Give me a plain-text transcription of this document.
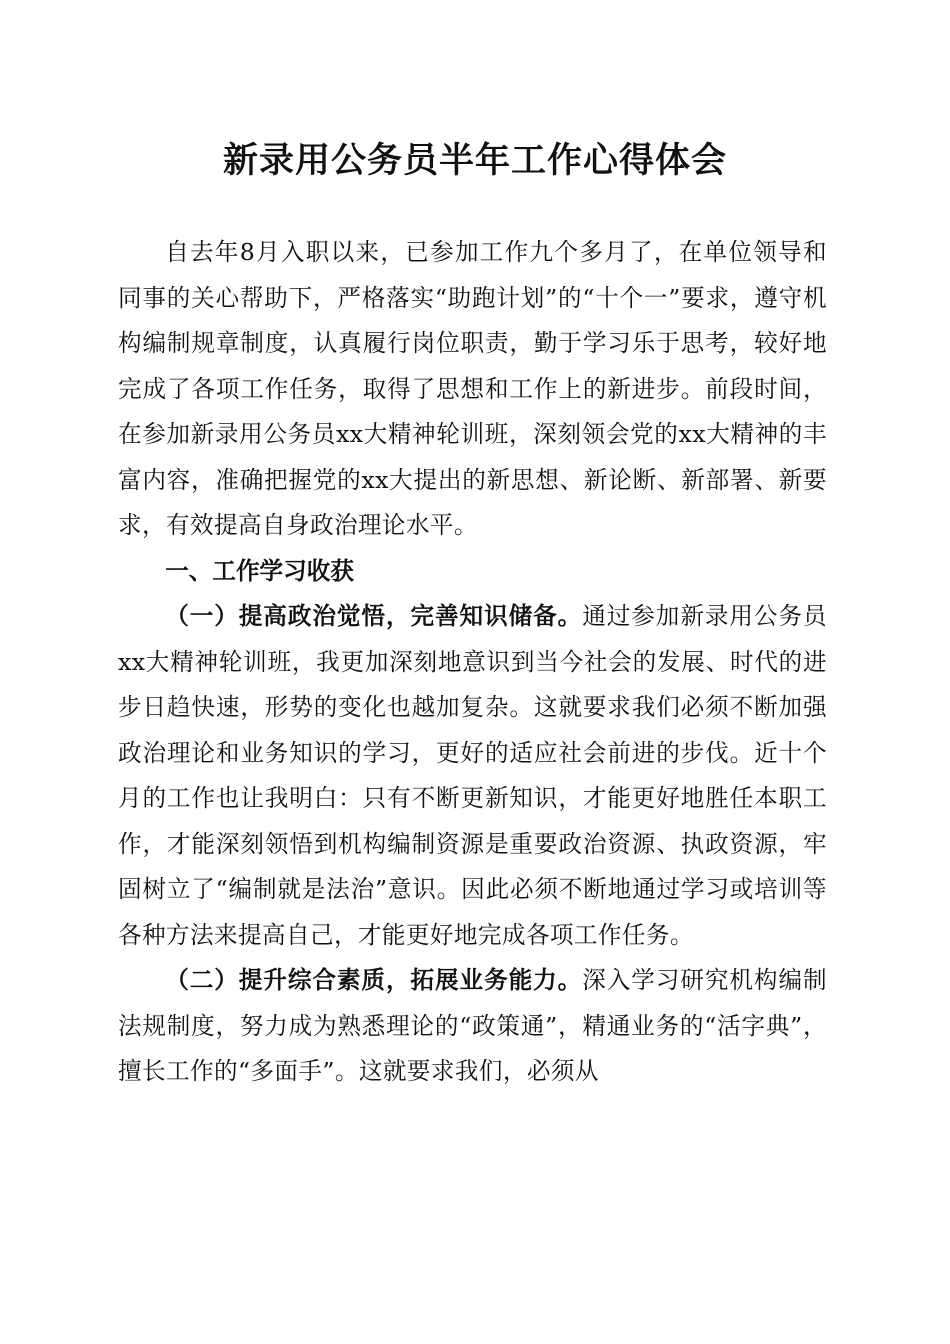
新录用公务员半年工作心得体会

自去年8月入职以来，已参加工作九个多月了，在单位领导和同事的关心帮助下，严格落实“助跑计划”的“十个一”要求，遵守机构编制规章制度，认真履行岗位职责，勤于学习乐于思考，较好地完成了各项工作任务，取得了思想和工作上的新进步。前段时间，在参加新录用公务员xx大精神轮训班，深刻领会党的xx大精神的丰富内容，准确把握党的xx大提出的新思想、新论断、新部署、新要求，有效提高自身政治理论水平。

一、工作学习收获

（一）提高政治觉悟，完善知识储备。通过参加新录用公务员xx大精神轮训班，我更加深刻地意识到当今社会的发展、时代的进步日趋快速，形势的变化也越加复杂。这就要求我们必须不断加强政治理论和业务知识的学习，更好的适应社会前进的步伐。近十个月的工作也让我明白：只有不断更新知识，才能更好地胜任本职工作，才能深刻领悟到机构编制资源是重要政治资源、执政资源，牢固树立了“编制就是法治”意识。因此必须不断地通过学习或培训等各种方法来提高自己，才能更好地完成各项工作任务。

（二）提升综合素质，拓展业务能力。深入学习研究机构编制法规制度，努力成为熟悉理论的“政策通”，精通业务的“活字典”，擅长工作的“多面手”。这就要求我们，必须从
